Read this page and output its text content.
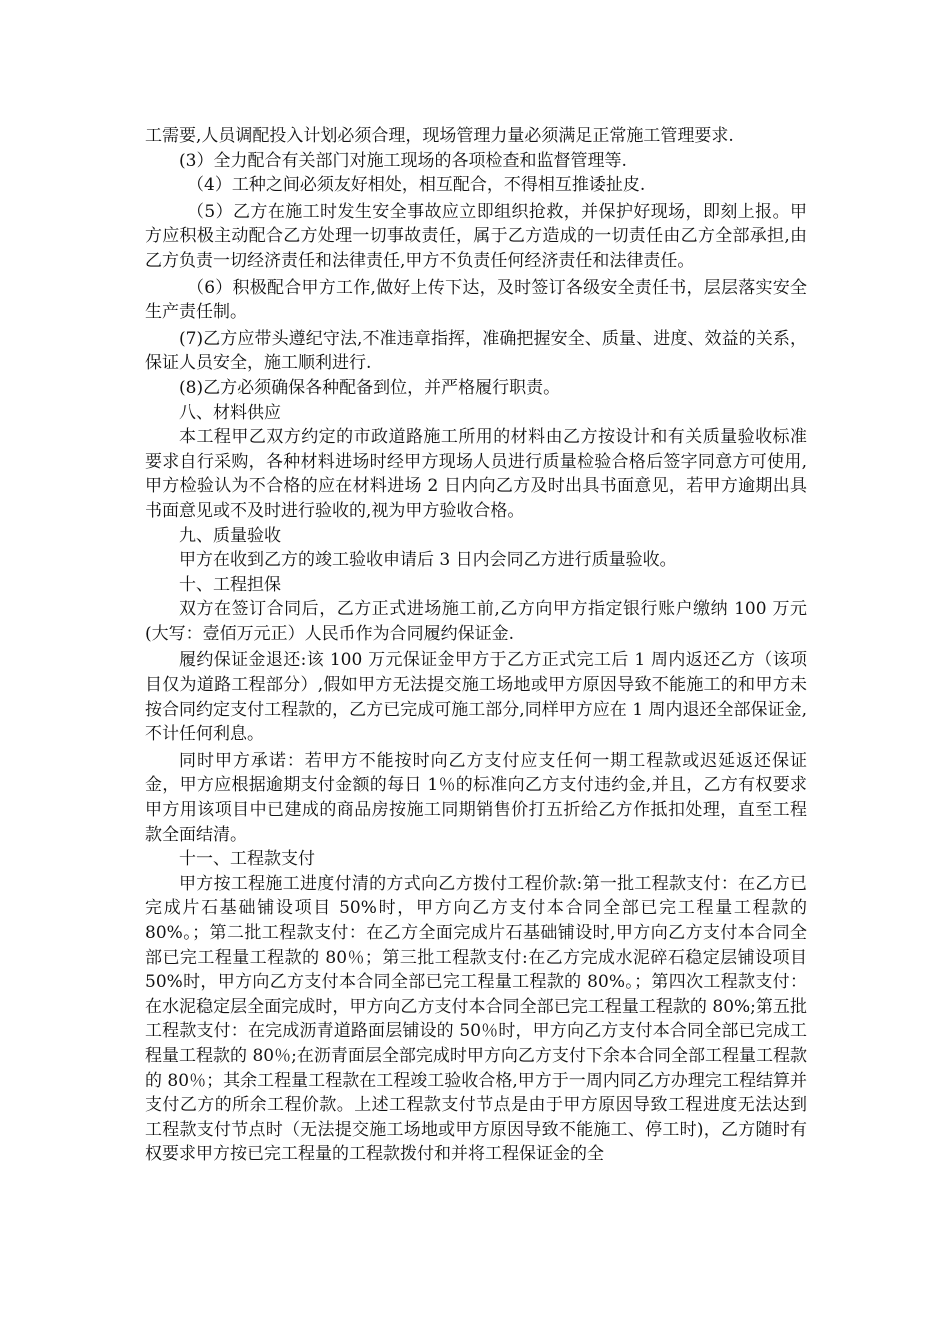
工需要,人员调配投入计划必须合理，现场管理力量必须满足正常施工管理要求.

(3）全力配合有关部门对施工现场的各项检查和监督管理等.

（4）工种之间必须友好相处，相互配合，不得相互推诿扯皮.

（5）乙方在施工时发生安全事故应立即组织抢救，并保护好现场，即刻上报。甲方应积极主动配合乙方处理一切事故责任，属于乙方造成的一切责任由乙方全部承担,由乙方负责一切经济责任和法律责任,甲方不负责任何经济责任和法律责任。

（6）积极配合甲方工作,做好上传下达，及时签订各级安全责任书，层层落实安全生产责任制。

(7)乙方应带头遵纪守法,不准违章指挥，准确把握安全、质量、进度、效益的关系，保证人员安全，施工顺利进行.

(8)乙方必须确保各种配备到位，并严格履行职责。

八、材料供应

本工程甲乙双方约定的市政道路施工所用的材料由乙方按设计和有关质量验收标准要求自行采购，各种材料进场时经甲方现场人员进行质量检验合格后签字同意方可使用,甲方检验认为不合格的应在材料进场 2 日内向乙方及时出具书面意见，若甲方逾期出具书面意见或不及时进行验收的,视为甲方验收合格。

九、质量验收

甲方在收到乙方的竣工验收申请后 3 日内会同乙方进行质量验收。

十、工程担保

双方在签订合同后，乙方正式进场施工前,乙方向甲方指定银行账户缴纳 100 万元(大写：壹佰万元正）人民币作为合同履约保证金.

履约保证金退还:该 100 万元保证金甲方于乙方正式完工后 1 周内返还乙方（该项目仅为道路工程部分）,假如甲方无法提交施工场地或甲方原因导致不能施工的和甲方未按合同约定支付工程款的，乙方已完成可施工部分,同样甲方应在 1 周内退还全部保证金,不计任何利息。

同时甲方承诺：若甲方不能按时向乙方支付应支任何一期工程款或迟延返还保证金，甲方应根据逾期支付金额的每日 1％的标准向乙方支付违约金,并且，乙方有权要求甲方用该项目中已建成的商品房按施工同期销售价打五折给乙方作抵扣处理，直至工程款全面结清。

十一、工程款支付

甲方按工程施工进度付清的方式向乙方拨付工程价款:第一批工程款支付：在乙方已完成片石基础铺设项目 50%时，甲方向乙方支付本合同全部已完工程量工程款的 80%。；第二批工程款支付：在乙方全面完成片石基础铺设时,甲方向乙方支付本合同全部已完工程量工程款的 80％；第三批工程款支付:在乙方完成水泥碎石稳定层铺设项目 50%时，甲方向乙方支付本合同全部已完工程量工程款的 80%。；第四次工程款支付：在水泥稳定层全面完成时，甲方向乙方支付本合同全部已完工程量工程款的 80%;第五批工程款支付：在完成沥青道路面层铺设的 50％时，甲方向乙方支付本合同全部已完成工程量工程款的 80％;在沥青面层全部完成时甲方向乙方支付下余本合同全部工程量工程款的 80％；其余工程量工程款在工程竣工验收合格,甲方于一周内同乙方办理完工程结算并支付乙方的所余工程价款。上述工程款支付节点是由于甲方原因导致工程进度无法达到工程款支付节点时（无法提交施工场地或甲方原因导致不能施工、停工时)，乙方随时有权要求甲方按已完工程量的工程款拨付和并将工程保证金的全
